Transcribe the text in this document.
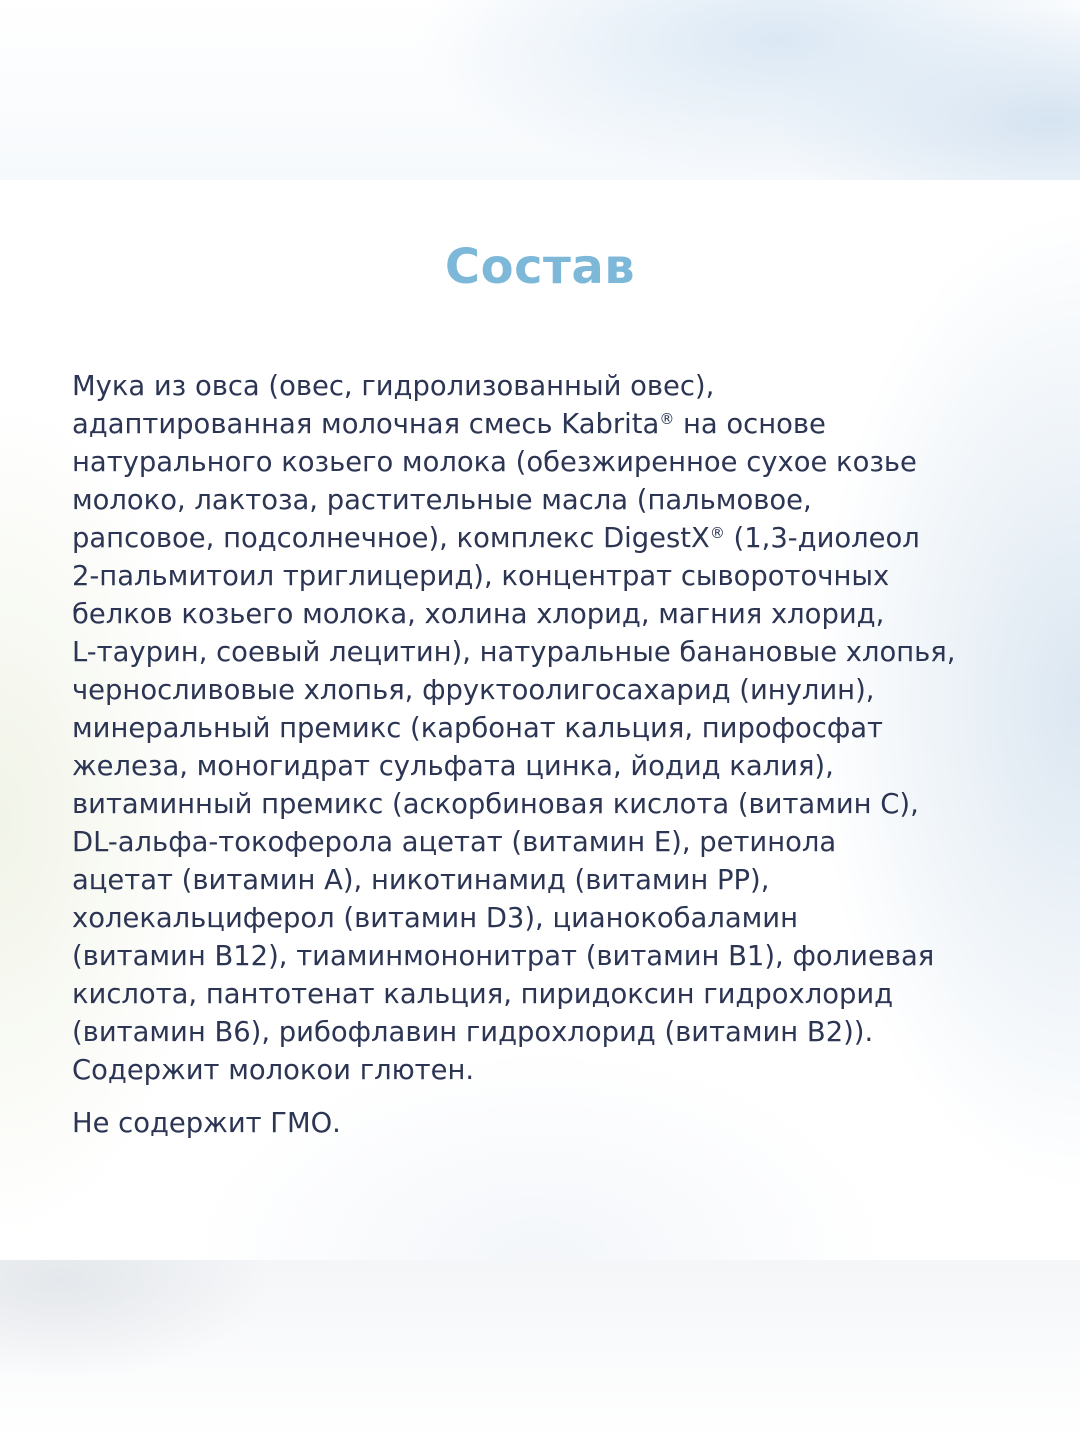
Состав
Мука из овса (овес, гидролизованный овес),
адаптированная молочная смесь Kabrita® на основе
натурального козьего молока (обезжиренное сухое козье
молоко, лактоза, растительные масла (пальмовое,
рапсовое, подсолнечное), комплекс DigestX® (1,3-диолеол
2-пальмитоил триглицерид), концентрат сывороточных
белков козьего молока, холина хлорид, магния хлорид,
L-таурин, соевый лецитин), натуральные банановые хлопья,
черносливовые хлопья, фруктоолигосахарид (инулин),
минеральный премикс (карбонат кальция, пирофосфат
железа, моногидрат сульфата цинка, йодид калия),
витаминный премикс (аскорбиновая кислота (витамин С),
DL-альфа-токоферола ацетат (витамин Е), ретинола
ацетат (витамин А), никотинамид (витамин РР),
холекальциферол (витамин D3), цианокобаламин
(витамин В12), тиаминмононитрат (витамин В1), фолиевая
кислота, пантотенат кальция, пиридоксин гидрохлорид
(витамин В6), рибофлавин гидрохлорид (витамин В2)).
Содержит молокои глютен.

Не содержит ГМО.
